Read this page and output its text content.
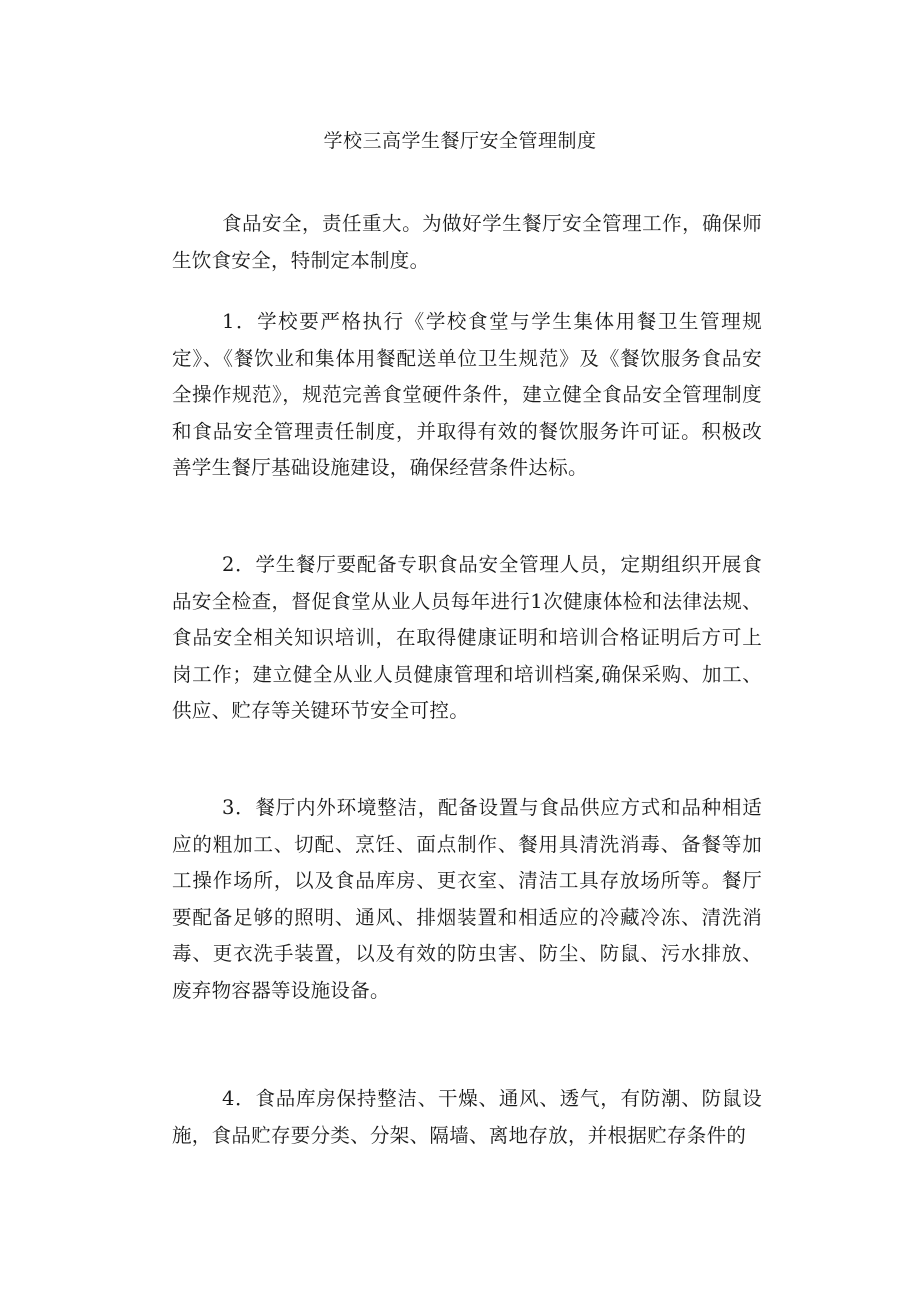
学校三高学生餐厅安全管理制度

食品安全，责任重大。为做好学生餐厅安全管理工作，确保师生饮食安全，特制定本制度。

1．学校要严格执行《学校食堂与学生集体用餐卫生管理规定》、《餐饮业和集体用餐配送单位卫生规范》及《餐饮服务食品安全操作规范》，规范完善食堂硬件条件，建立健全食品安全管理制度和食品安全管理责任制度，并取得有效的餐饮服务许可证。积极改善学生餐厅基础设施建设，确保经营条件达标。

2．学生餐厅要配备专职食品安全管理人员，定期组织开展食品安全检查，督促食堂从业人员每年进行1次健康体检和法律法规、食品安全相关知识培训，在取得健康证明和培训合格证明后方可上岗工作；建立健全从业人员健康管理和培训档案,确保采购、加工、供应、贮存等关键环节安全可控。

3．餐厅内外环境整洁，配备设置与食品供应方式和品种相适应的粗加工、切配、烹饪、面点制作、餐用具清洗消毒、备餐等加工操作场所，以及食品库房、更衣室、清洁工具存放场所等。餐厅要配备足够的照明、通风、排烟装置和相适应的冷藏冷冻、清洗消毒、更衣洗手装置，以及有效的防虫害、防尘、防鼠、污水排放、废弃物容器等设施设备。

4．食品库房保持整洁、干燥、通风、透气，有防潮、防鼠设施，食品贮存要分类、分架、隔墙、离地存放，并根据贮存条件的
